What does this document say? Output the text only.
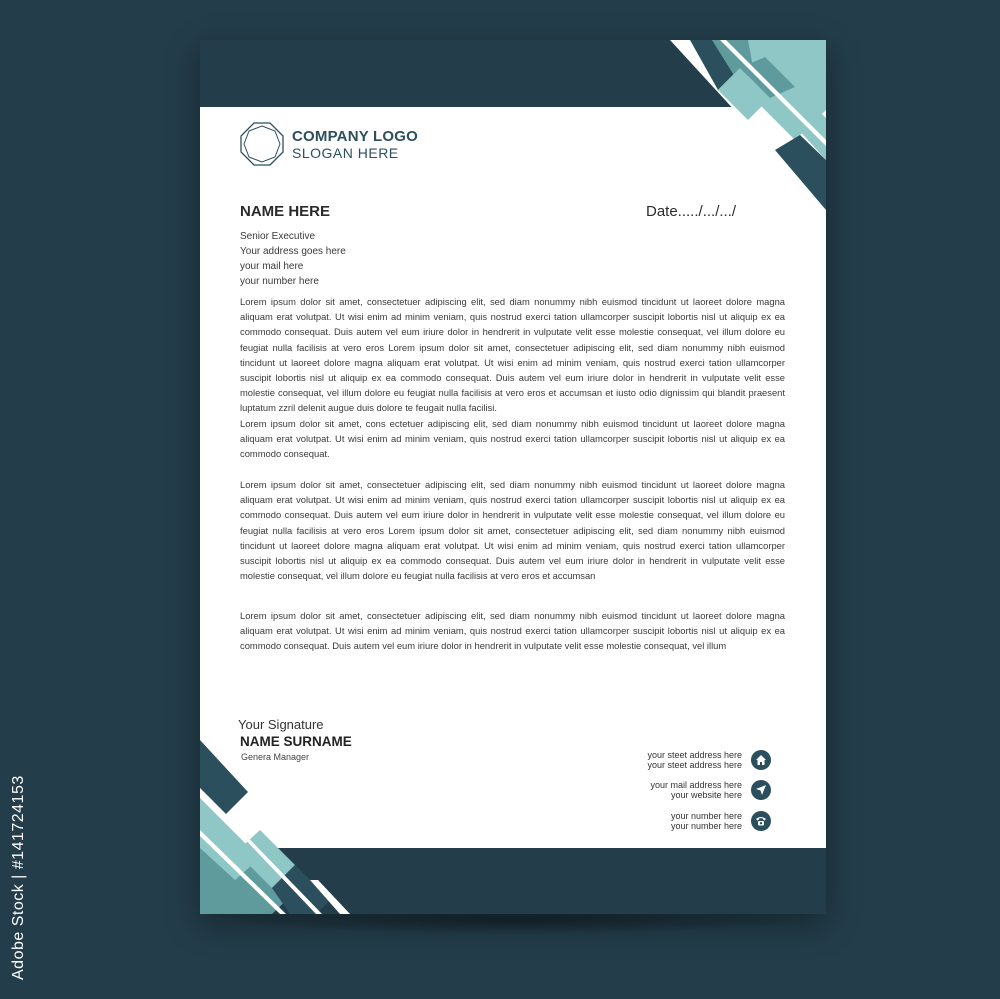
Adobe Stock | #141724153
COMPANY LOGO
SLOGAN HERE
NAME HERE	Date...../.../.../
Senior Executive
Your address goes here
your mail here
your number here

Lorem ipsum dolor sit amet, consectetuer adipiscing elit, sed diam nonummy nibh euismod tincidunt ut laoreet dolore magna aliquam erat volutpat. Ut wisi enim ad minim veniam, quis nostrud exerci tation ullamcorper suscipit lobortis nisl ut aliquip ex ea commodo consequat. Duis autem vel eum iriure dolor in hendrerit in vulputate velit esse molestie consequat, vel illum dolore eu feugiat nulla facilisis at vero eros Lorem ipsum dolor sit amet, consectetuer adipiscing elit, sed diam nonummy nibh euismod tincidunt ut laoreet dolore magna aliquam erat volutpat. Ut wisi enim ad minim veniam, quis nostrud exerci tation ullamcorper suscipit lobortis nisl ut aliquip ex ea commodo consequat. Duis autem vel eum iriure dolor in hendrerit in vulputate velit esse molestie consequat, vel illum dolore eu feugiat nulla facilisis at vero eros et accumsan et iusto odio dignissim qui blandit praesent luptatum zzril delenit augue duis dolore te feugait nulla facilisi.

Lorem ipsum dolor sit amet, cons ectetuer adipiscing elit, sed diam nonummy nibh euismod tincidunt ut laoreet dolore magna aliquam erat volutpat. Ut wisi enim ad minim veniam, quis nostrud exerci tation ullamcorper suscipit lobortis nisl ut aliquip ex ea commodo consequat.

Lorem ipsum dolor sit amet, consectetuer adipiscing elit, sed diam nonummy nibh euismod tincidunt ut laoreet dolore magna aliquam erat volutpat. Ut wisi enim ad minim veniam, quis nostrud exerci tation ullamcorper suscipit lobortis nisl ut aliquip ex ea commodo consequat. Duis autem vel eum iriure dolor in hendrerit in vulputate velit esse molestie consequat, vel illum dolore eu feugiat nulla facilisis at vero eros Lorem ipsum dolor sit amet, consectetuer adipiscing elit, sed diam nonummy nibh euismod tincidunt ut laoreet dolore magna aliquam erat volutpat. Ut wisi enim ad minim veniam, quis nostrud exerci tation ullamcorper suscipit lobortis nisl ut aliquip ex ea commodo consequat. Duis autem vel eum iriure dolor in hendrerit in vulputate velit esse molestie consequat, vel illum dolore eu feugiat nulla facilisis at vero eros et accumsan

Lorem ipsum dolor sit amet, consectetuer adipiscing elit, sed diam nonummy nibh euismod tincidunt ut laoreet dolore magna aliquam erat volutpat. Ut wisi enim ad minim veniam, quis nostrud exerci tation ullamcorper suscipit lobortis nisl ut aliquip ex ea commodo consequat. Duis autem vel eum iriure dolor in hendrerit in vulputate velit esse molestie consequat, vel illum

Your Signature
NAME SURNAME
Genera Manager	your steet address here
your steet address here
your mail address here
your website here
your number here
your number here
